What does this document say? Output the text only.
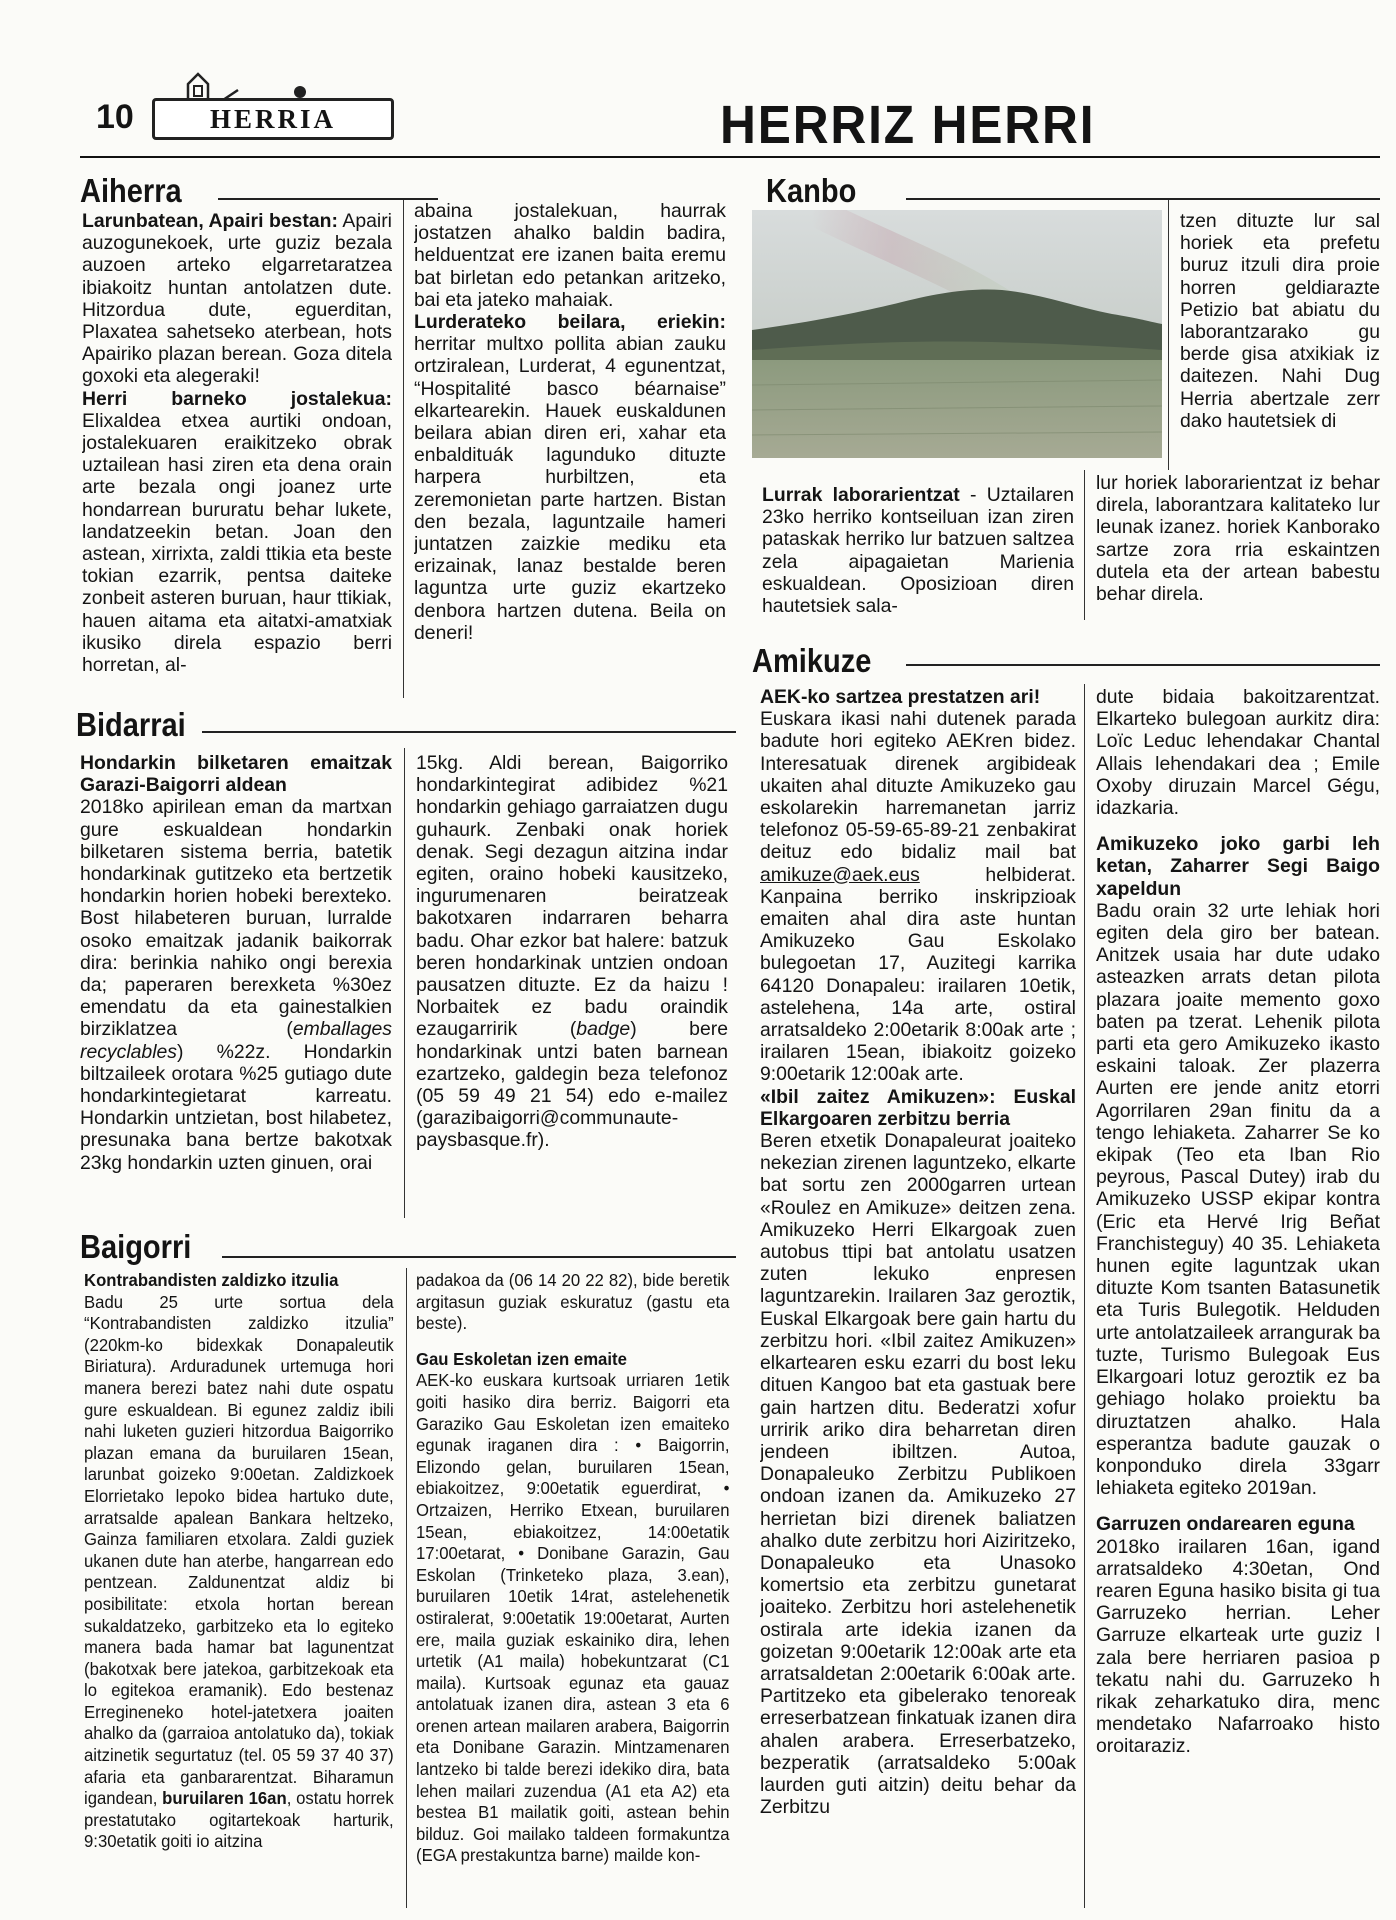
10	HERRIA	HERRIZ HERRI
Aiherra

Larunbatean, Apairi bestan: Apairi auzogunekoek, urte guziz bezala auzoen arteko elgarretaratzea ibiakoitz huntan antolatzen dute. Hitzordua dute, eguerditan, Plaxatea sahetseko aterbean, hots Apairiko plazan berean. Goza ditela goxoki eta alegeraki!

Herri barneko jostalekua: Elixaldea etxea aurtiki ondoan, jostalekuaren eraikitzeko obrak uztailean hasi ziren eta dena orain arte bezala ongi joanez urte hondarrean bururatu behar lukete, landatzeekin betan. Joan den astean, xirrixta, zaldi ttikia eta beste tokian ezarrik, pentsa daiteke zonbeit asteren buruan, haur ttikiak, hauen aitama eta aitatxi-amatxiak ikusiko direla espazio berri horretan, al-

abaina jostalekuan, haurrak jostatzen ahalko baldin badira, helduentzat ere izanen baita eremu bat birletan edo petankan aritzeko, bai eta jateko mahaiak.

Lurderateko beilara, eriekin: herritar multxo pollita abian zauku ortziralean, Lurderat, 4 egunentzat, “Hospitalité basco béarnaise” elkartearekin. Hauek euskaldunen beilara abian diren eri, xahar eta enbaldituák lagunduko dituzte harpera hurbiltzen, eta zeremonietan parte hartzen. Bistan den bezala, laguntzaile hameri juntatzen zaizkie mediku eta erizainak, lanaz bestalde beren laguntza urte guziz ekartzeko denbora hartzen dutena. Beila on deneri!

Bidarrai

Hondarkin bilketaren emaitzak Garazi-Baigorri aldean

2018ko apirilean eman da martxan gure eskualdean hondarkin bilketaren sistema berria, batetik hondarkinak gutitzeko eta bertzetik hondarkin horien hobeki berexteko. Bost hilabeteren buruan, lurralde osoko emaitzak jadanik baikorrak dira: berinkia nahiko ongi berexia da; paperaren berexketa %30ez emendatu da eta gainestalkien birziklatzea (emballages recyclables) %22z. Hondarkin biltzaileek orotara %25 gutiago dute hondarkintegietarat karreatu. Hondarkin untzietan, bost hilabetez, presunaka bana bertze bakotxak 23kg hondarkin uzten ginuen, orai

15kg. Aldi berean, Baigorriko hondarkintegirat adibidez %21 hondarkin gehiago garraiatzen dugu guhaurk. Zenbaki onak horiek denak. Segi dezagun aitzina indar egiten, oraino hobeki kausitzeko, ingurumenaren beiratzeak bakotxaren indarraren beharra badu. Ohar ezkor bat halere: batzuk beren hondarkinak untzien ondoan pausatzen dituzte. Ez da haizu ! Norbaitek ez badu oraindik ezaugarririk (badge) bere hondarkinak untzi baten barnean ezartzeko, galdegin beza telefonoz (05 59 49 21 54) edo e-mailez (garazibaigorri@communaute-paysbasque.fr).

Baigorri

Kontrabandisten zaldizko itzulia

Badu 25 urte sortua dela “Kontrabandisten zaldizko itzulia” (220km-ko bidexkak Donapaleutik Biriatura). Arduradunek urtemuga hori manera berezi batez nahi dute ospatu gure eskualdean. Bi egunez zaldiz ibili nahi luketen guzieri hitzordua Baigorriko plazan emana da buruilaren 15ean, larunbat goizeko 9:00etan. Zaldizkoek Elorrietako lepoko bidea hartuko dute, arratsalde apalean Bankara heltzeko, Gainza familiaren etxolara. Zaldi guziek ukanen dute han aterbe, hangarrean edo pentzean. Zaldunentzat aldiz bi posibilitate: etxola hortan berean sukaldatzeko, garbitzeko eta lo egiteko manera bada hamar bat lagunentzat (bakotxak bere jatekoa, garbitzekoak eta lo egitekoa eramanik). Edo bestenaz Erregineneko hotel-jatetxera joaiten ahalko da (garraioa antolatuko da), tokiak aitzinetik segurtatuz (tel. 05 59 37 40 37) afaria eta ganbararentzat. Biharamun igandean, buruilaren 16an, ostatu horrek prestatutako ogitartekoak harturik, 9:30etatik goiti io aitzina

padakoa da (06 14 20 22 82), bide beretik argitasun guziak eskuratuz (gastu eta beste).

Gau Eskoletan izen emaite

AEK-ko euskara kurtsoak urriaren 1etik goiti hasiko dira berriz. Baigorri eta Garaziko Gau Eskoletan izen emaiteko egunak iraganen dira : • Baigorrin, Elizondo gelan, buruilaren 15ean, ebiakoitzez, 9:00etatik eguerdirat, • Ortzaizen, Herriko Etxean, buruilaren 15ean, ebiakoitzez, 14:00etatik 17:00etarat, • Donibane Garazin, Gau Eskolan (Trinketeko plaza, 3.ean), buruilaren 10etik 14rat, astelehenetik ostiralerat, 9:00etatik 19:00etarat, Aurten ere, maila guziak eskainiko dira, lehen urtetik (A1 maila) hobekuntzarat (C1 maila). Kurtsoak egunaz eta gauaz antolatuak izanen dira, astean 3 eta 6 orenen artean mailaren arabera, Baigorrin eta Donibane Garazin. Mintzamenaren lantzeko bi talde berezi idekiko dira, bata lehen mailari zuzendua (A1 eta A2) eta bestea B1 mailatik goiti, astean behin bilduz. Goi mailako taldeen formakuntza (EGA prestakuntza barne) mailde kon-

Kanbo

tzen dituzte lur sal horiek eta prefetu buruz itzuli dira proie horren geldiarazte Petizio bat abiatu du laborantzarako gu berde gisa atxikiak iz daitezen. Nahi Dug Herria abertzale zerr dako hautetsiek di

Lurrak laborarientzat - Uztailaren 23ko herriko kontseiluan izan ziren pataskak herriko lur batzuen saltzea zela aipagaietan Marienia eskualdean. Oposizioan diren hautetsiek sala-

lur horiek laborarientzat iz behar direla, laborantzara kalitateko lur leunak izanez. horiek Kanborako sartze zora rria eskaintzen dutela eta der artean babestu behar direla.

Amikuze

AEK-ko sartzea prestatzen ari!

Euskara ikasi nahi dutenek parada badute hori egiteko AEKren bidez. Interesatuak direnek argibideak ukaiten ahal dituzte Amikuzeko gau eskolarekin harremanetan jarriz telefonoz 05-59-65-89-21 zenbakirat deituz edo bidaliz mail bat amikuze@aek.eus helbiderat. Kanpaina berriko inskripzioak emaiten ahal dira aste huntan Amikuzeko Gau Eskolako bulegoetan 17, Auzitegi karrika 64120 Donapaleu: irailaren 10etik, astelehena, 14a arte, ostiral arratsaldeko 2:00etarik 8:00ak arte ; irailaren 15ean, ibiakoitz goizeko 9:00etarik 12:00ak arte.

«Ibil zaitez Amikuzen»: Euskal Elkargoaren zerbitzu berria

Beren etxetik Donapaleurat joaiteko nekezian zirenen laguntzeko, elkarte bat sortu zen 2000garren urtean «Roulez en Amikuze» deitzen zena. Amikuzeko Herri Elkargoak zuen autobus ttipi bat antolatu usatzen zuten lekuko enpresen laguntzarekin. Irailaren 3az geroztik, Euskal Elkargoak bere gain hartu du zerbitzu hori. «Ibil zaitez Amikuzen» elkartearen esku ezarri du bost leku dituen Kangoo bat eta gastuak bere gain hartzen ditu. Bederatzi xofur urririk ariko dira beharretan diren jendeen ibiltzen. Autoa, Donapaleuko Zerbitzu Publikoen ondoan izanen da. Amikuzeko 27 herrietan bizi direnek baliatzen ahalko dute zerbitzu hori Aiziritzeko, Donapaleuko eta Unasoko komertsio eta zerbitzu gunetarat joaiteko. Zerbitzu hori astelehenetik ostirala arte idekia izanen da goizetan 9:00etarik 12:00ak arte eta arratsaldetan 2:00etarik 6:00ak arte. Partitzeko eta gibelerako tenoreak erreserbatzean finkatuak izanen dira ahalen arabera. Erreserbatzeko, bezperatik (arratsaldeko 5:00ak laurden guti aitzin) deitu behar da Zerbitzu

dute bidaia bakoitzarentzat. Elkarteko bulegoan aurkitz dira: Loïc Leduc lehendakar Chantal Allais lehendakari dea ; Emile Oxoby diruzain Marcel Gégu, idazkaria.

Amikuzeko joko garbi leh ketan, Zaharrer Segi Baigo xapeldun

Badu orain 32 urte lehiak hori egiten dela giro ber batean. Anitzek usaia har dute udako asteazken arrats detan pilota plazara joaite memento goxo baten pa tzerat. Lehenik pilota parti eta gero Amikuzeko ikasto eskaini taloak. Zer plazerra Aurten ere jende anitz etorri Agorrilaren 29an finitu da a tengo lehiaketa. Zaharrer Se ko ekipak (Teo eta Iban Rio peyrous, Pascal Dutey) irab du Amikuzeko USSP ekipar kontra (Eric eta Hervé Irig Beñat Franchisteguy) 40 35. Lehiaketa hunen egite laguntzak ukan dituzte Kom tsanten Batasunetik eta Turis Bulegotik. Helduden urte antolatzaileek arrangurak ba tuzte, Turismo Bulegoak Eus Elkargoari lotuz geroztik ez ba gehiago holako proiektu ba diruztatzen ahalko. Hala esperantza badute gauzak o konponduko direla 33garr lehiaketa egiteko 2019an.

Garruzen ondarearen eguna

2018ko irailaren 16an, igand arratsaldeko 4:30etan, Ond rearen Eguna hasiko bisita gi tua Garruzeko herrian. Leher Garruze elkarteak urte guziz l zala bere herriaren pasioa p tekatu nahi du. Garruzeko h rikak zeharkatuko dira, menc mendetako Nafarroako histo oroitaraziz.
